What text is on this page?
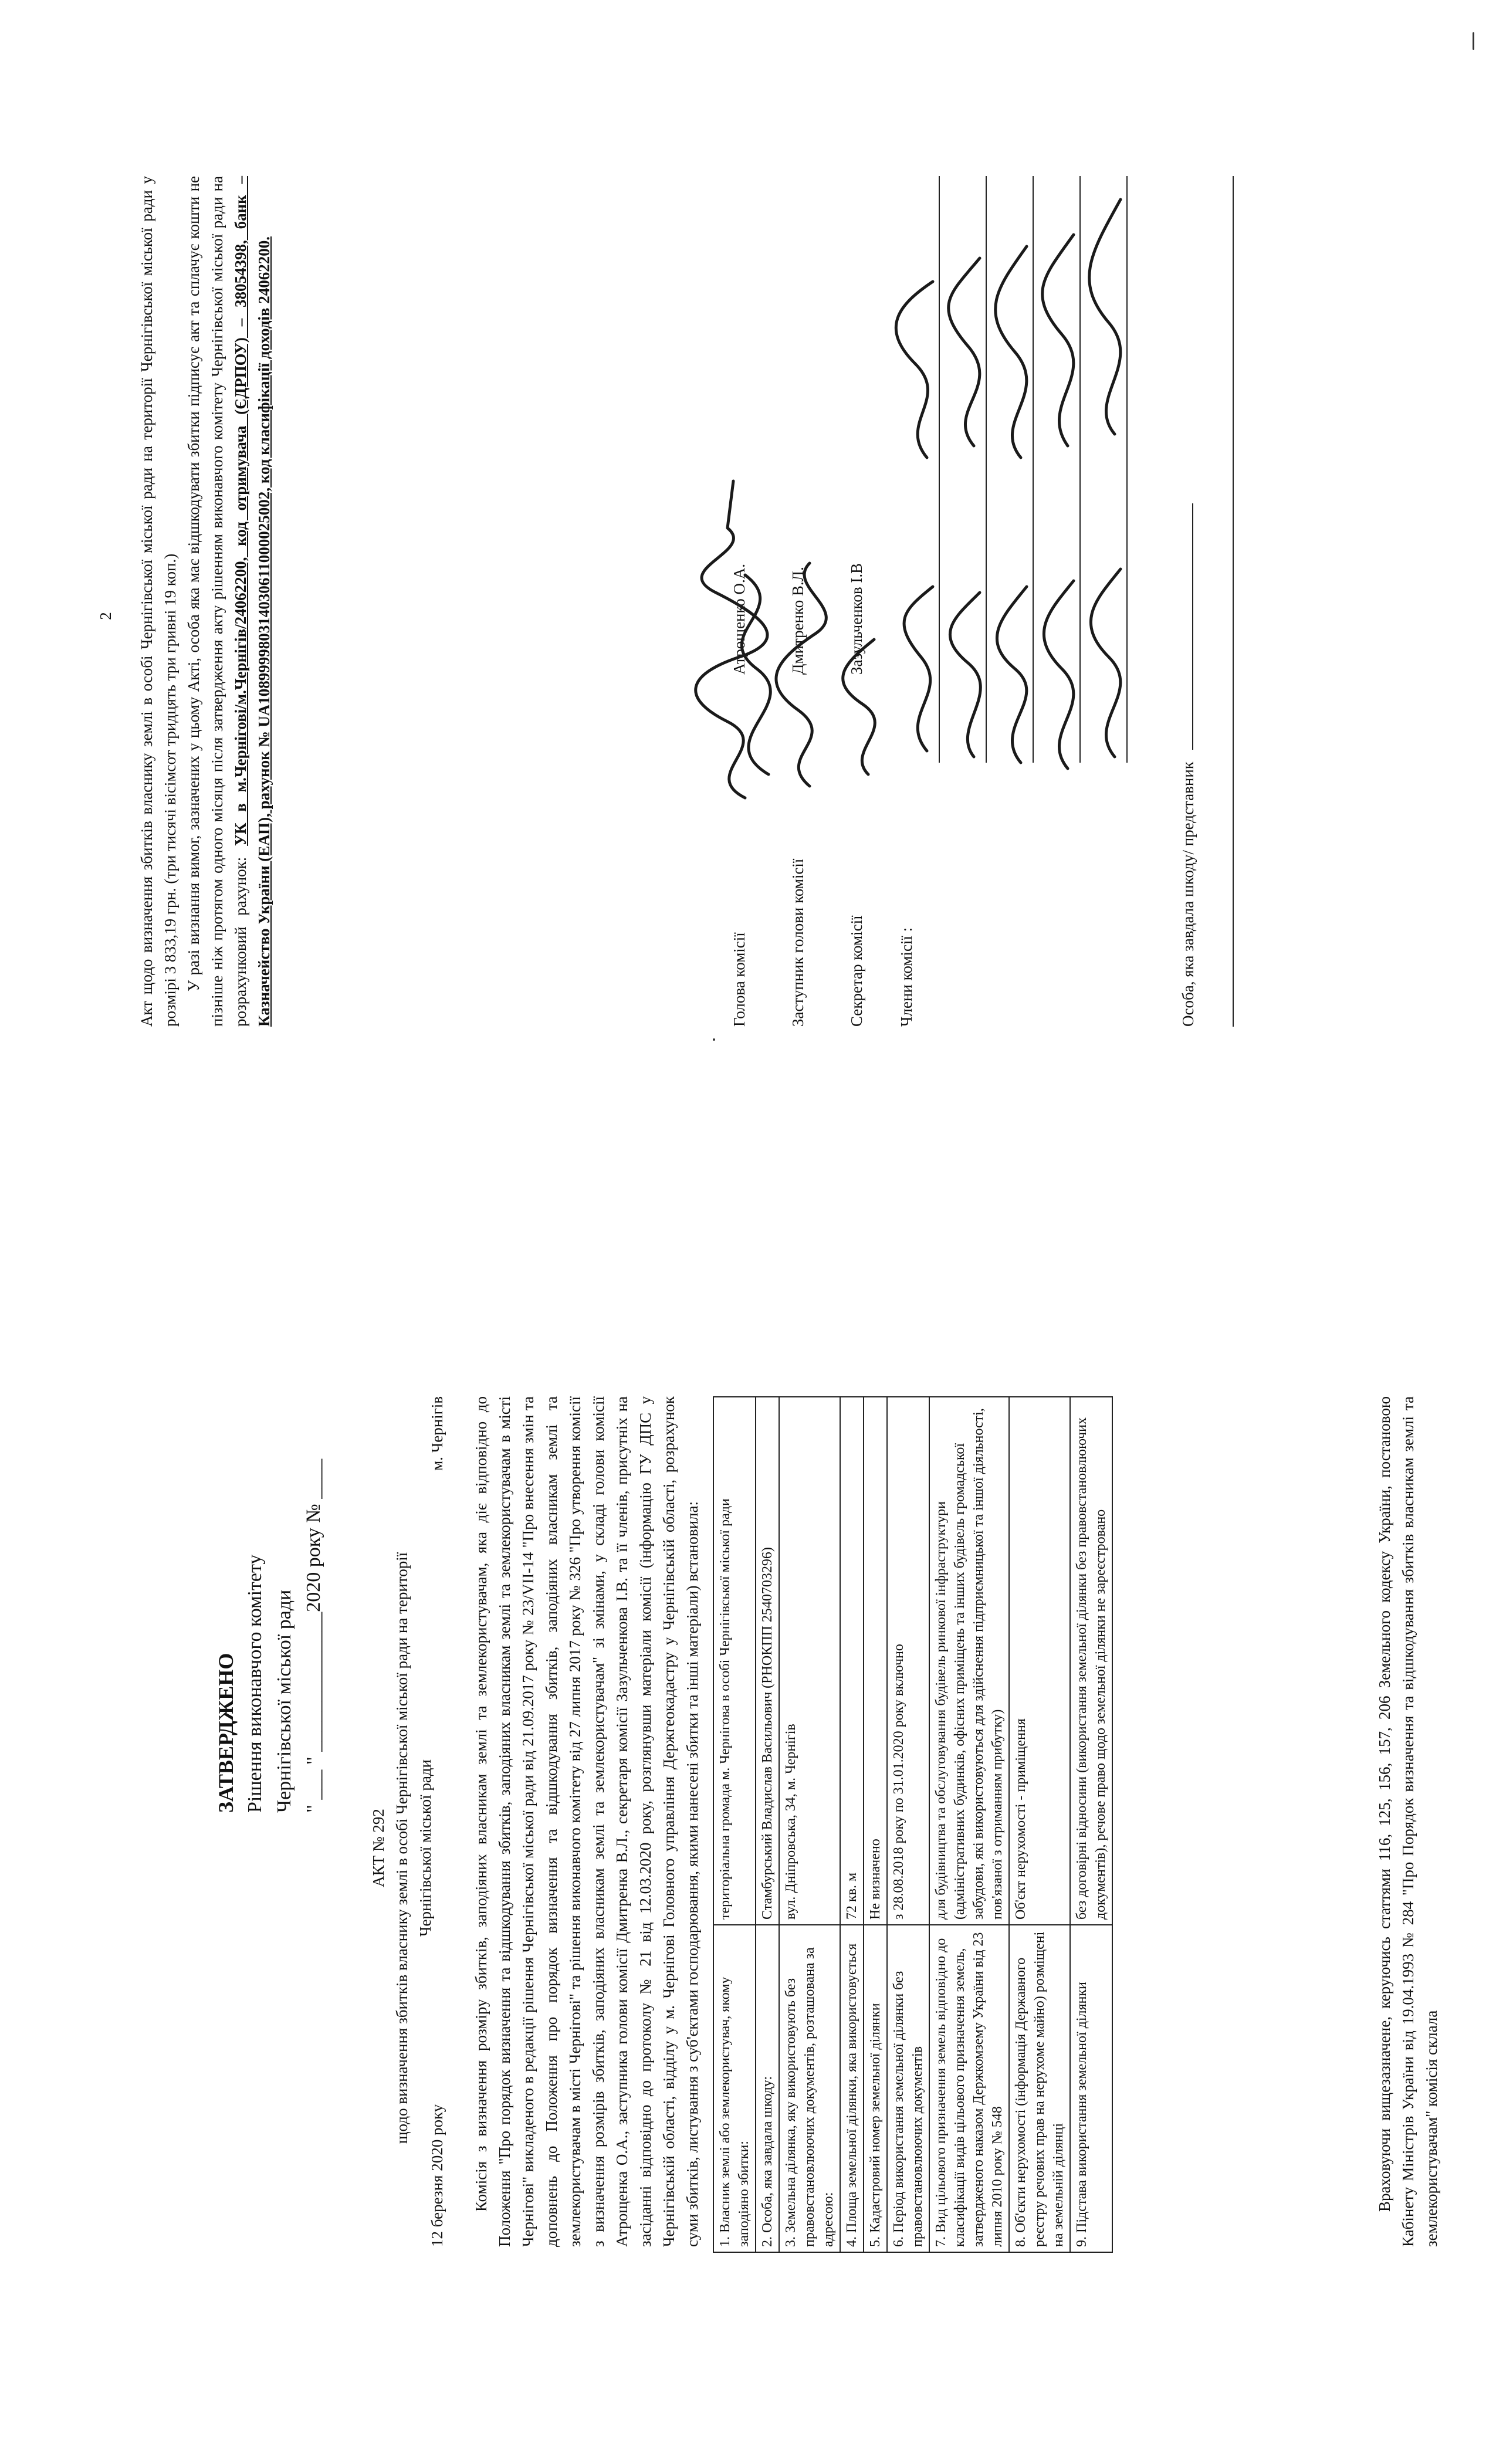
ЗАТВЕРДЖЕНО Рішення виконавчого комітету Чернігівської міської ради " ___ " ______________2020 року № ____
АКТ № 292 щодо визначення збитків власнику землі в особі Чернігівської міської ради на території Чернігівської міської ради
12 березня 2020 року
м. Чернігів Комісія з визначення розміру збитків, заподіяних власникам землі та землекористувачам, яка діє відповідно до Положення "Про порядок визначення та відшкодування збитків, заподіяних власникам землі та землекористувачам в місті Чернігові" викладеного в редакції рішення Чернігівської міської ради від 21.09.2017 року № 23/VII-14 "Про внесення змін та доповнень до Положення про порядок визначення та відшкодування збитків, заподіяних власникам землі та землекористувачам в місті Чернігові" та рішення виконавчого комітету від 27 липня 2017 року № 326 "Про утворення комісії з визначення розмірів збитків, заподіяних власникам землі та землекористувачам" зі змінами, у складі голови комісії Атрощенка О.А., заступника голови комісії Дмитренка В.Л., секретаря комісії Зазульченкова І.В. та її членів, присутніх на засіданні відповідно до протоколу № 21 від 12.03.2020 року, розглянувши матеріали комісії (інформацію ГУ ДПС у Чернігівській області, відділу у м. Чернігові Головного управління Держгеокадастру у Чернігівській області, розрахунок суми збитків, листування з суб'єктами господарювання, якими нанесені збитки та інші матеріали) встановила: 1. Власник землі або землекористувач, якому заподіяно збитки:	територіальна громада м. Чернігова в особі Чернігівської міської ради
2. Особа, яка завдала шкоду:	Стамбурський Владислав Васильович (РНОКПП 2540703296)
3. Земельна ділянка, яку використовують без правовстановлюючих документів, розташована за адресою:	вул. Дніпровська, 34, м. Чернігів
4. Площа земельної ділянки, яка використовується	72 кв. м
5. Кадастровий номер земельної ділянки	Не визначено
6. Період використання земельної ділянки без правовстановлюючих документів	з 28.08.2018 року по 31.01.2020 року включно
7. Вид цільового призначення земель відповідно до класифікації видів цільового призначення земель, затвердженого наказом Держкомзему України від 23 липня 2010 року № 548	для будівництва та обслуговування будівель ринкової інфраструктури (адміністративних будинків, офісних приміщень та інших будівель громадської забудови, які використовуються для здійснення підприємницької та іншої діяльності, пов'язаної з отриманням прибутку)
8. Об'єкти нерухомості (інформація Державного реєстру речових прав на нерухоме майно) розміщені на земельній ділянці	Об'єкт нерухомості - приміщення
9. Підстава використання земельної ділянки	без договірні відносини (використання земельної ділянки без правовстановлюючих документів), речове право щодо земельної ділянки не зареєстровано	Враховуючи вищезазначене, керуючись статтями 116, 125, 156, 157, 206 Земельного кодексу України, постановою Кабінету Міністрів України від 19.04.1993 № 284 "Про Порядок визначення та відшкодування збитків власникам землі та землекористувачам" комісія склала

2 Акт щодо визначення збитків власнику землі в особі Чернігівської міської ради на території Чернігівської міської ради у розмірі 3 833,19 грн. (три тисячі вісімсот тридцять три гривні 19 коп.) У разі визнання вимог, зазначених у цьому Акті, особа яка має відшкодувати збитки підписує акт та сплачує кошти не пізніше ніж протягом одного місяця після затвердження акту рішенням виконавчого комітету Чернігівської міської ради на розрахунковий рахунок: УК в м.Чернігові/м.Чернігів/24062200, код отримувача (ЄДРПОУ) – 38054398, банк – Казначейство України (ЕАП), рахунок № UA108999980314030611000025002, код класифікації доходів 24062200.	Голова комісії
Атрощенко О.А.
Заступник голови комісії
Дмитренко В.Л.
Секретар комісії
Зазульченков І.В
Члени комісії :	Особа, яка завдала шкоду/ представник
